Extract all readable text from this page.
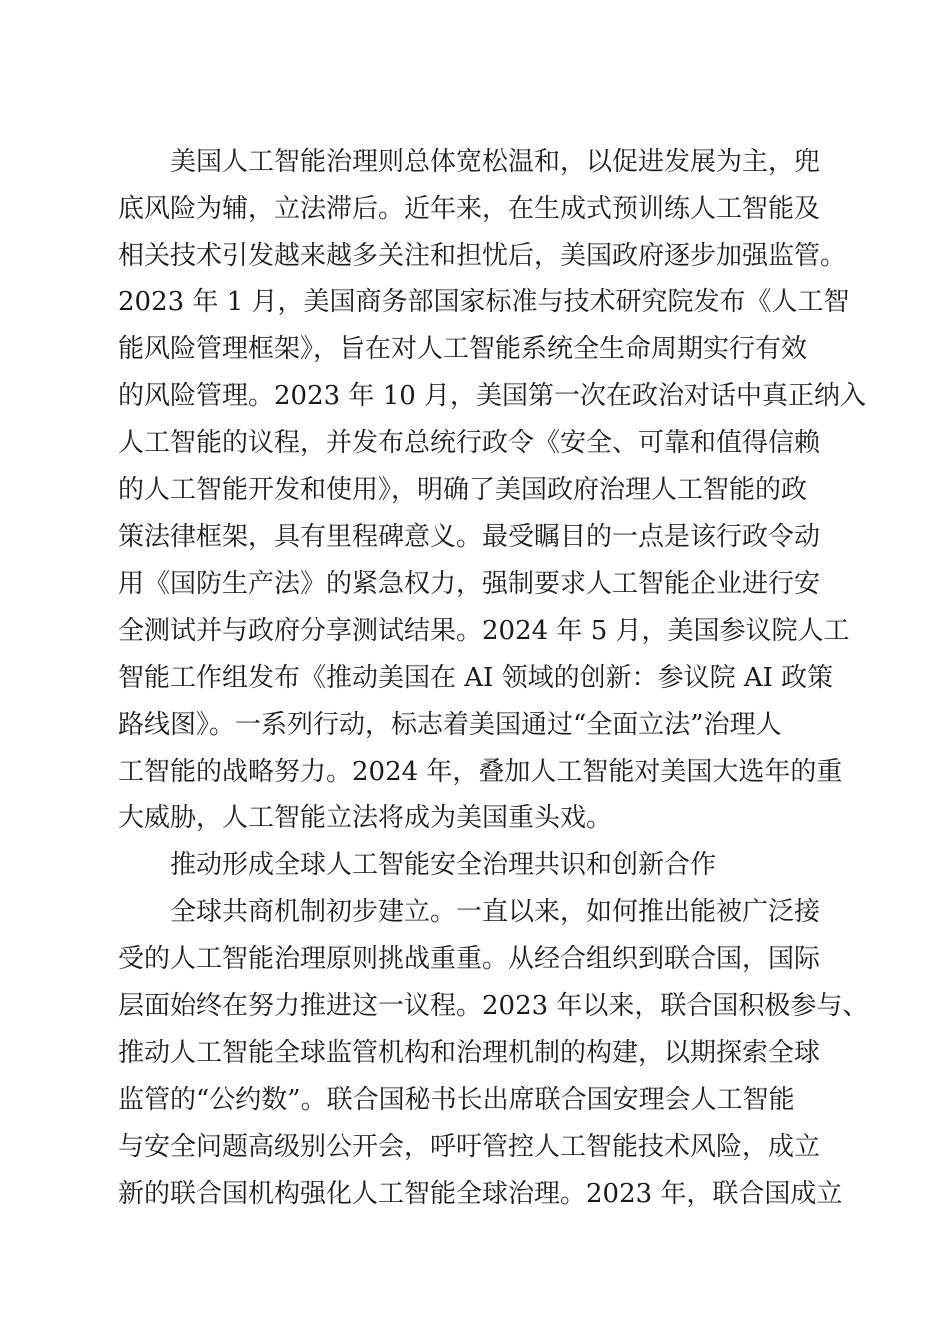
美国人工智能治理则总体宽松温和，以促进发展为主，兜
底风险为辅，立法滞后。近年来，在生成式预训练人工智能及
相关技术引发越来越多关注和担忧后，美国政府逐步加强监管。
2023 年 1 月，美国商务部国家标准与技术研究院发布《人工智
能风险管理框架》，旨在对人工智能系统全生命周期实行有效
的风险管理。2023 年 10 月，美国第一次在政治对话中真正纳入
人工智能的议程，并发布总统行政令《安全、可靠和值得信赖
的人工智能开发和使用》，明确了美国政府治理人工智能的政
策法律框架，具有里程碑意义。最受瞩目的一点是该行政令动
用《国防生产法》的紧急权力，强制要求人工智能企业进行安
全测试并与政府分享测试结果。2024 年 5 月，美国参议院人工
智能工作组发布《推动美国在 AI 领域的创新：参议院 AI 政策
路线图》。一系列行动，标志着美国通过“全面立法”治理人
工智能的战略努力。2024 年，叠加人工智能对美国大选年的重
大威胁，人工智能立法将成为美国重头戏。
推动形成全球人工智能安全治理共识和创新合作
全球共商机制初步建立。一直以来，如何推出能被广泛接
受的人工智能治理原则挑战重重。从经合组织到联合国，国际
层面始终在努力推进这一议程。2023 年以来，联合国积极参与、
推动人工智能全球监管机构和治理机制的构建，以期探索全球
监管的“公约数”。联合国秘书长出席联合国安理会人工智能
与安全问题高级别公开会，呼吁管控人工智能技术风险，成立
新的联合国机构强化人工智能全球治理。2023 年，联合国成立
